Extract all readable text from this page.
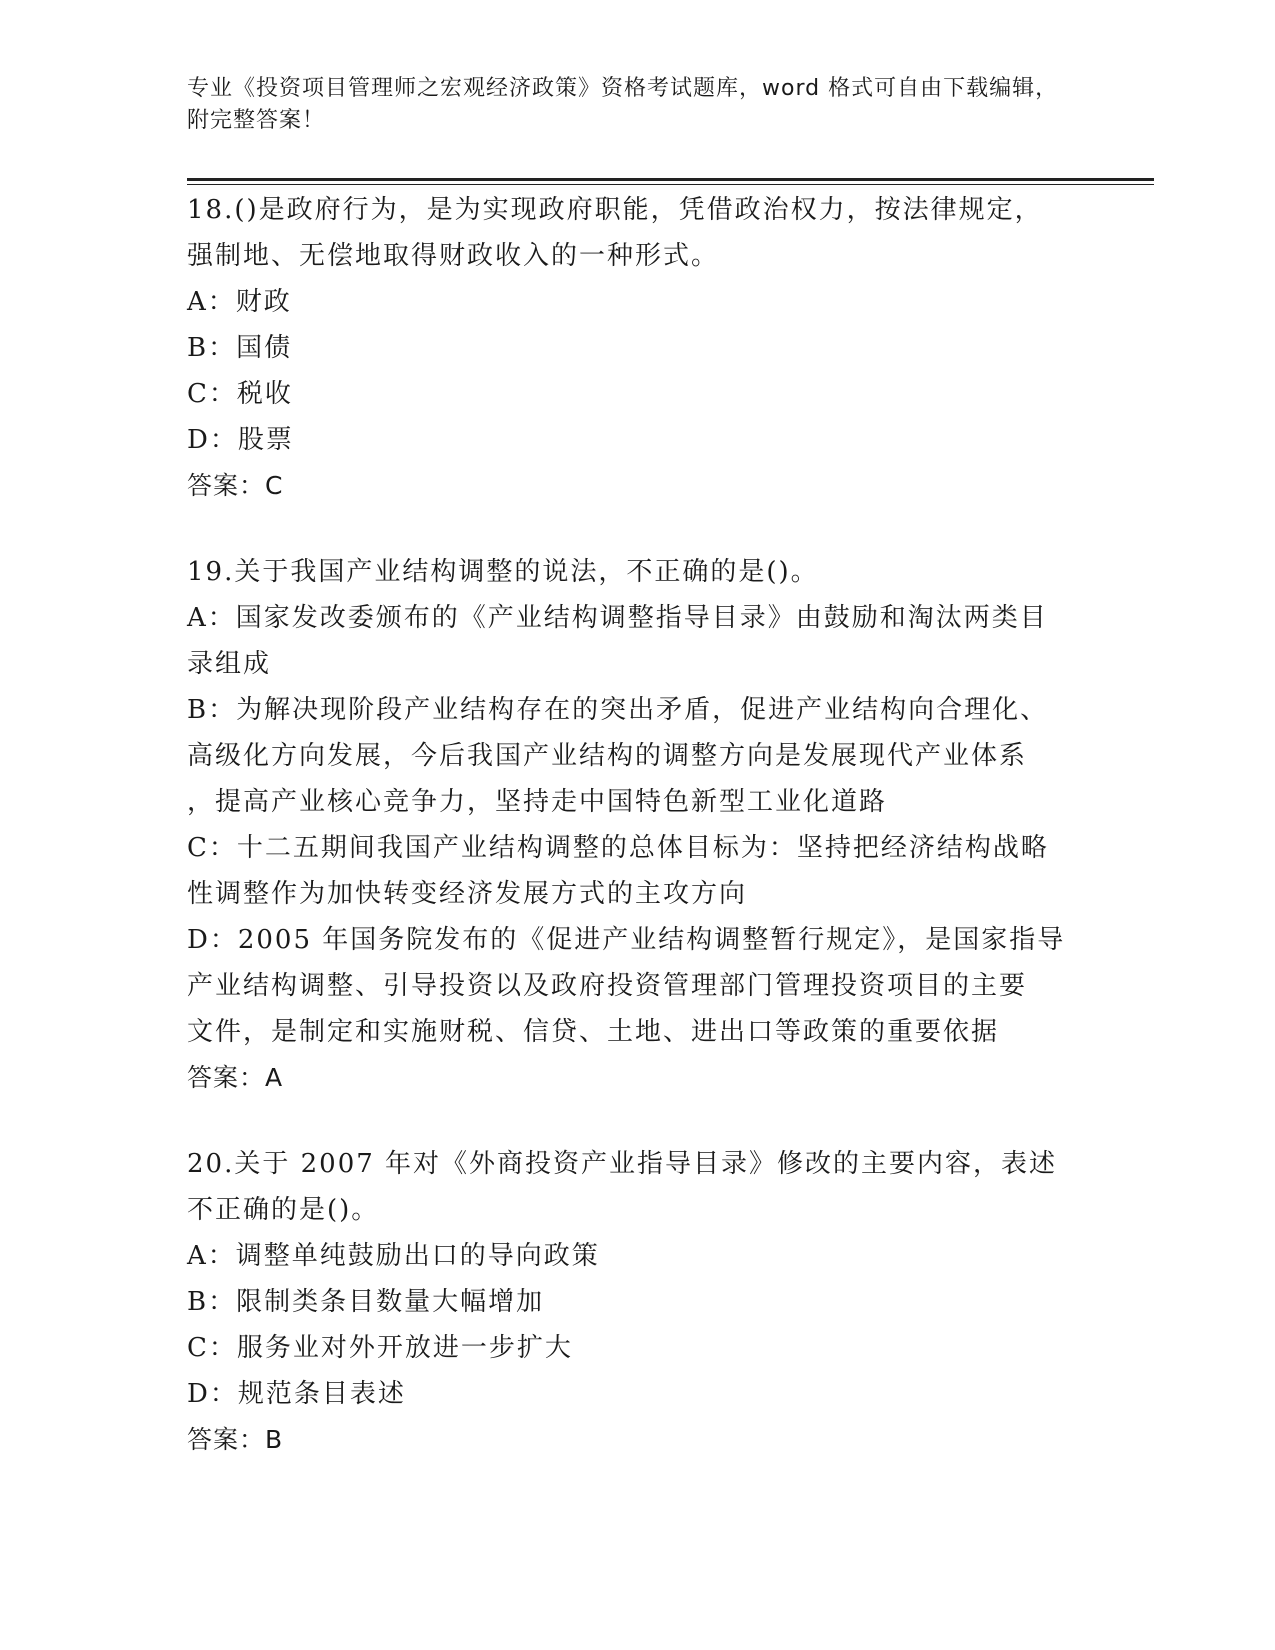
专业《投资项目管理师之宏观经济政策》资格考试题库，word 格式可自由下载编辑，附完整答案！
18.()是政府行为，是为实现政府职能，凭借政治权力，按法律规定，
强制地、无偿地取得财政收入的一种形式。
A：财政
B：国债
C：税收
D：股票
答案：C
19.关于我国产业结构调整的说法，不正确的是()。
A：国家发改委颁布的《产业结构调整指导目录》由鼓励和淘汰两类目
录组成
B：为解决现阶段产业结构存在的突出矛盾，促进产业结构向合理化、
高级化方向发展，今后我国产业结构的调整方向是发展现代产业体系
，提高产业核心竞争力，坚持走中国特色新型工业化道路
C：十二五期间我国产业结构调整的总体目标为：坚持把经济结构战略
性调整作为加快转变经济发展方式的主攻方向
D：2005 年国务院发布的《促进产业结构调整暂行规定》，是国家指导
产业结构调整、引导投资以及政府投资管理部门管理投资项目的主要
文件，是制定和实施财税、信贷、土地、进出口等政策的重要依据
答案：A
20.关于 2007 年对《外商投资产业指导目录》修改的主要内容，表述
不正确的是()。
A：调整单纯鼓励出口的导向政策
B：限制类条目数量大幅增加
C：服务业对外开放进一步扩大
D：规范条目表述
答案：B
